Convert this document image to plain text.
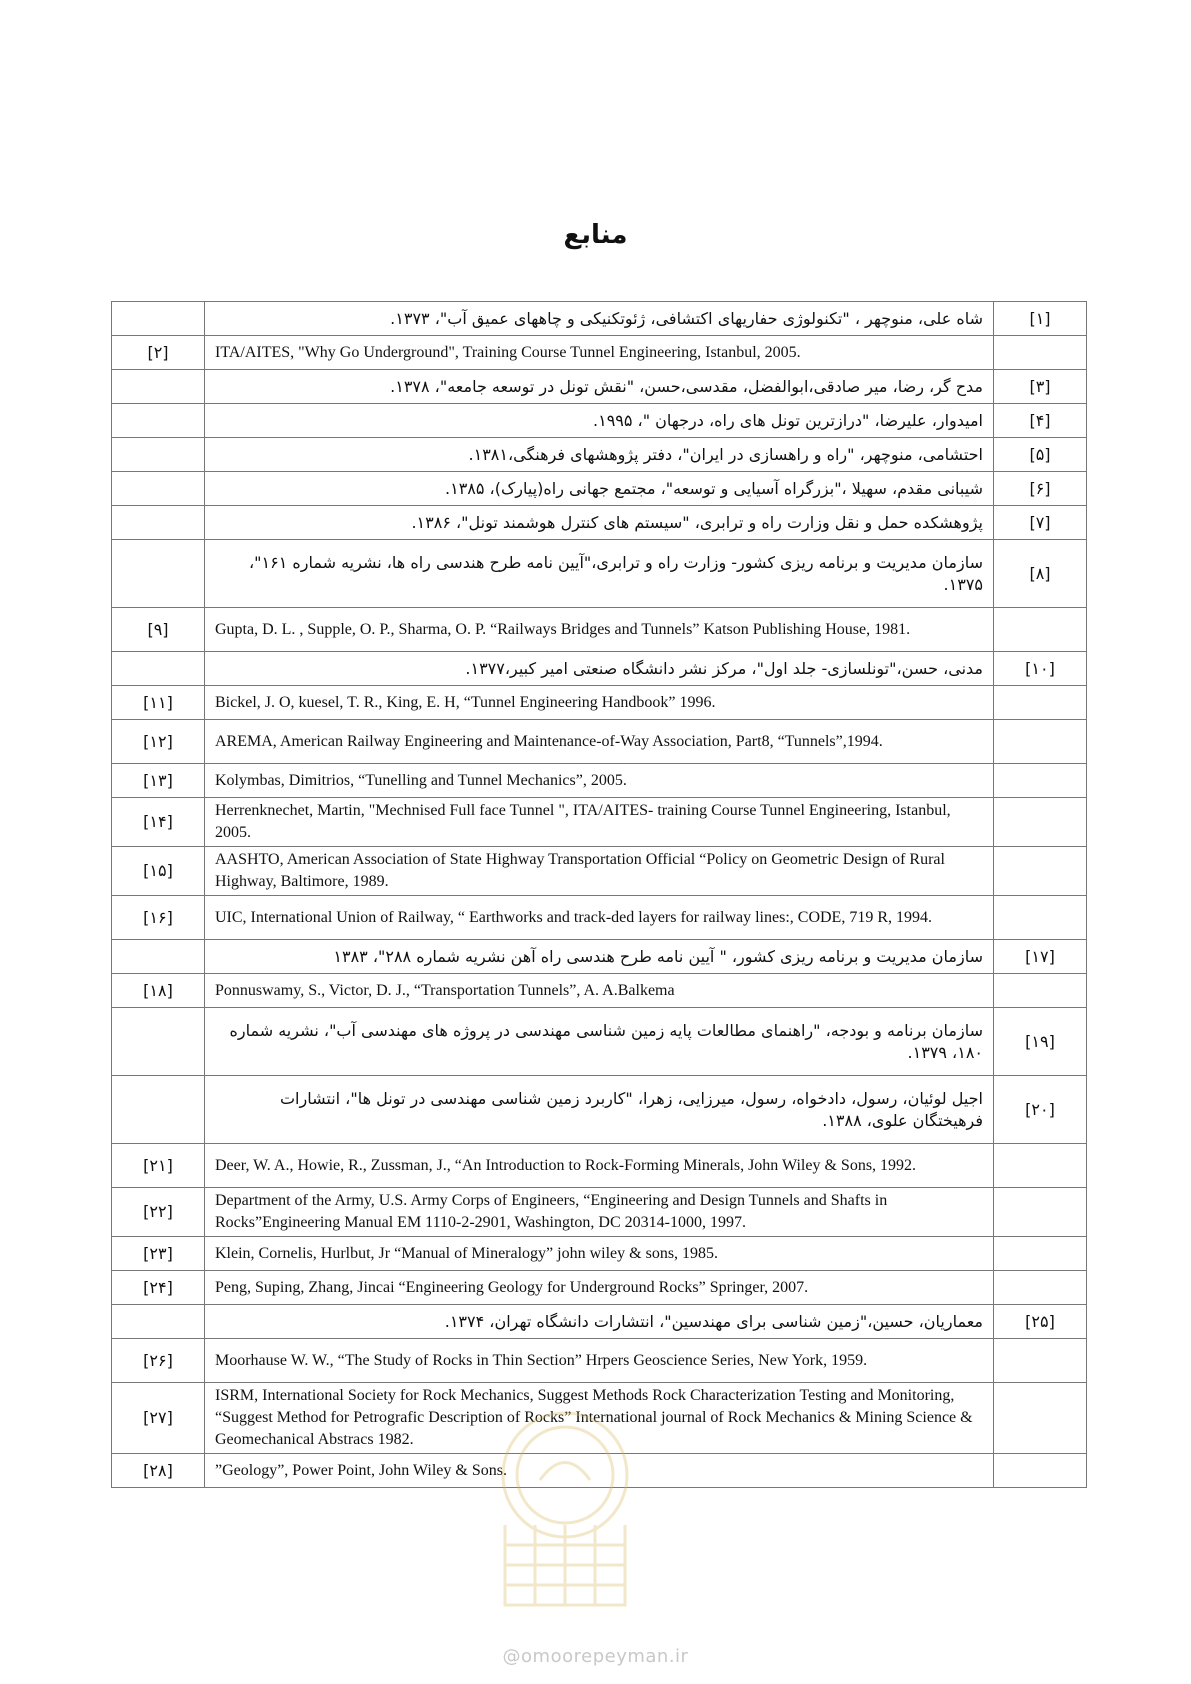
منابع
	شاه علی، منوچهر ، "تکنولوژی حفاریهای اکتشافی، ژئوتکنیکی و چاههای عمیق آب"، ۱۳۷۳.	[۱]
[۲]	ITA/AITES, "Why Go Underground", Training Course Tunnel Engineering, Istanbul, 2005.	
	مدح گر، رضا، میر صادقی،ابوالفضل، مقدسی،حسن، "نقش تونل در توسعه جامعه"، ۱۳۷۸.	[۳]
	امیدوار، علیرضا، "درازترین تونل های راه، درجهان "، ۱۹۹۵.	[۴]
	احتشامی، منوچهر، "راه و راهسازی در ایران"، دفتر پژوهشهای فرهنگی،۱۳۸۱.	[۵]
	شیبانی مقدم، سهیلا ،"بزرگراه آسیایی و توسعه"، مجتمع جهانی راه(پیارک)، ۱۳۸۵.	[۶]
	پژوهشکده حمل و نقل وزارت راه و ترابری، "سیستم های کنترل هوشمند تونل"، ۱۳۸۶.	[۷]
	سازمان مدیریت و برنامه ریزی کشور- وزارت راه و ترابری،"آیین نامه طرح هندسی راه ها، نشریه شماره ۱۶۱"، ۱۳۷۵.	[۸]
[۹]	Gupta, D. L. , Supple, O. P., Sharma, O. P. “Railways Bridges and Tunnels” Katson Publishing House, 1981.	
	مدنی، حسن،"تونلسازی- جلد اول"، مرکز نشر دانشگاه صنعتی امیر کبیر،۱۳۷۷.	[۱۰]
[۱۱]	Bickel, J. O, kuesel, T. R., King, E. H, “Tunnel Engineering Handbook” 1996.	
[۱۲]	AREMA, American Railway Engineering and Maintenance-of-Way Association, Part8, “Tunnels”,1994.	
[۱۳]	Kolymbas, Dimitrios, “Tunelling and Tunnel Mechanics”, 2005.	
[۱۴]	Herrenknechet, Martin, "Mechnised Full face Tunnel ", ITA/AITES- training Course Tunnel Engineering, Istanbul, 2005.	
[۱۵]	AASHTO, American Association of State Highway Transportation Official “Policy on Geometric Design of Rural Highway, Baltimore, 1989.	
[۱۶]	UIC, International Union of Railway, “ Earthworks and track-ded layers for railway lines:, CODE, 719 R, 1994.	
	سازمان مدیریت و برنامه ریزی کشور، " آیین نامه طرح هندسی راه آهن نشریه شماره ۲۸۸"، ۱۳۸۳	[۱۷]
[۱۸]	Ponnuswamy, S., Victor, D. J., “Transportation Tunnels”, A. A.Balkema	
	سازمان برنامه و بودجه، "راهنمای مطالعات پایه زمین شناسی مهندسی در پروژه های مهندسی آب"، نشریه شماره ۱۸۰، ۱۳۷۹.	[۱۹]
	اجیل لوئیان، رسول، دادخواه، رسول، میرزایی، زهرا، "کاربرد زمین شناسی مهندسی در تونل ها"، انتشارات فرهیختگان علوی، ۱۳۸۸.	[۲۰]
[۲۱]	Deer, W. A., Howie, R., Zussman, J., “An Introduction to Rock-Forming Minerals, John Wiley & Sons, 1992.	
[۲۲]	Department of the Army, U.S. Army Corps of Engineers, “Engineering and Design Tunnels and Shafts in Rocks”Engineering Manual EM 1110-2-2901, Washington, DC 20314-1000, 1997.	
[۲۳]	Klein, Cornelis, Hurlbut, Jr “Manual of Mineralogy” john wiley & sons, 1985.	
[۲۴]	Peng, Suping, Zhang, Jincai “Engineering Geology for Underground Rocks” Springer, 2007.	
	معماریان، حسین،"زمین شناسی برای مهندسین"، انتشارات دانشگاه تهران، ۱۳۷۴.	[۲۵]
[۲۶]	Moorhause W. W., “The Study of Rocks in Thin Section” Hrpers Geoscience Series, New York, 1959.	
[۲۷]	ISRM, International Society for Rock Mechanics, Suggest Methods Rock Characterization Testing and Monitoring, “Suggest Method for Petrografic Description of Rocks” International journal of Rock Mechanics & Mining Science & Geomechanical Abstracs 1982.	
[۲۸]	”Geology”, Power Point, John Wiley & Sons.	
@omoorepeyman.ir
